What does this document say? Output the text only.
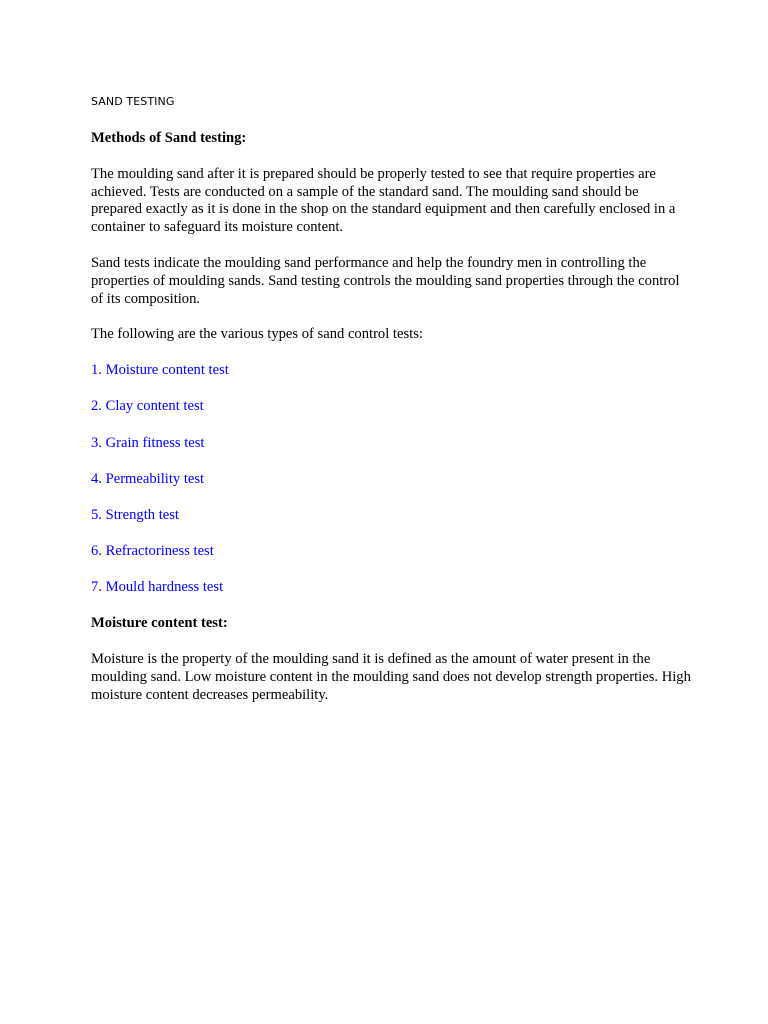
SAND TESTING
Methods of Sand testing:
The moulding sand after it is prepared should be properly tested to see that require properties are achieved. Tests are conducted on a sample of the standard sand. The moulding sand should be prepared exactly as it is done in the shop on the standard equipment and then carefully enclosed in a container to safeguard its moisture content.
Sand tests indicate the moulding sand performance and help the foundry men in controlling the properties of moulding sands. Sand testing controls the moulding sand properties through the control of its composition.
The following are the various types of sand control tests:
1. Moisture content test
2. Clay content test
3. Grain fitness test
4. Permeability test
5. Strength test
6. Refractoriness test
7. Mould hardness test
Moisture content test:
Moisture is the property of the moulding sand it is defined as the amount of water present in the moulding sand. Low moisture content in the moulding sand does not develop strength properties. High moisture content decreases permeability.
